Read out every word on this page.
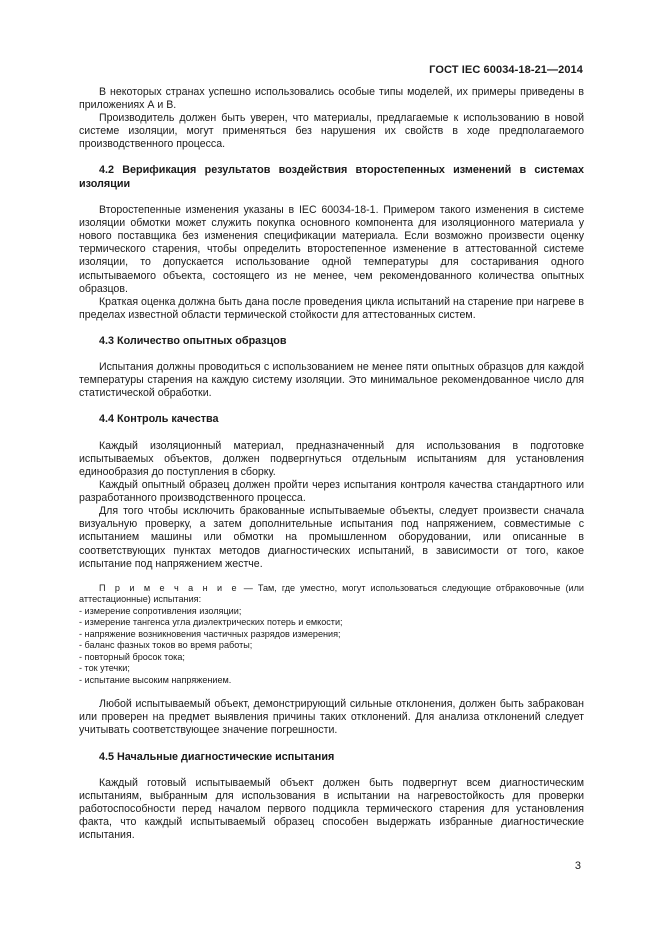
ГОСТ IEC 60034-18-21—2014

В некоторых странах успешно использовались особые типы моделей, их примеры приведены в приложениях А и В.

Производитель должен быть уверен, что материалы, предлагаемые к использованию в новой системе изоляции, могут применяться без нарушения их свойств в ходе предполагаемого производственного процесса.

4.2 Верификация результатов воздействия второстепенных изменений в системах изоляции

Второстепенные изменения указаны в IEC 60034-18-1. Примером такого изменения в системе изоляции обмотки может служить покупка основного компонента для изоляционного материала у нового поставщика без изменения спецификации материала. Если возможно произвести оценку термического старения, чтобы определить второстепенное изменение в аттестованной системе изоляции, то допускается использование одной температуры для состаривания одного испытываемого объекта, состоящего из не менее, чем рекомендованного количества опытных образцов.

Краткая оценка должна быть дана после проведения цикла испытаний на старение при нагреве в пределах известной области термической стойкости для аттестованных систем.

4.3 Количество опытных образцов

Испытания должны проводиться с использованием не менее пяти опытных образцов для каждой температуры старения на каждую систему изоляции. Это минимальное рекомендованное число для статистической обработки.

4.4 Контроль качества

Каждый изоляционный материал, предназначенный для использования в подготовке испытываемых объектов, должен подвергнуться отдельным испытаниям для установления единообразия до поступления в сборку.

Каждый опытный образец должен пройти через испытания контроля качества стандартного или разработанного производственного процесса.

Для того чтобы исключить бракованные испытываемые объекты, следует произвести сначала визуальную проверку, а затем дополнительные испытания под напряжением, совместимые с испытанием машины или обмотки на промышленном оборудовании, или описанные в соответствующих пунктах методов диагностических испытаний, в зависимости от того, какое испытание под напряжением жестче.

П р и м е ч а н и е — Там, где уместно, могут использоваться следующие отбраковочные (или аттестационные) испытания:

- измерение сопротивления изоляции;
- измерение тангенса угла диэлектрических потерь и емкости;
- напряжение возникновения частичных разрядов измерения;
- баланс фазных токов во время работы;
- повторный бросок тока;
- ток утечки;
- испытание высоким напряжением.

Любой испытываемый объект, демонстрирующий сильные отклонения, должен быть забракован или проверен на предмет выявления причины таких отклонений. Для анализа отклонений следует учитывать соответствующее значение погрешности.

4.5 Начальные диагностические испытания

Каждый готовый испытываемый объект должен быть подвергнут всем диагностическим испытаниям, выбранным для использования в испытании на нагревостойкость для проверки работоспособности перед началом первого подцикла термического старения для установления факта, что каждый испытываемый образец способен выдержать избранные диагностические испытания.

3
